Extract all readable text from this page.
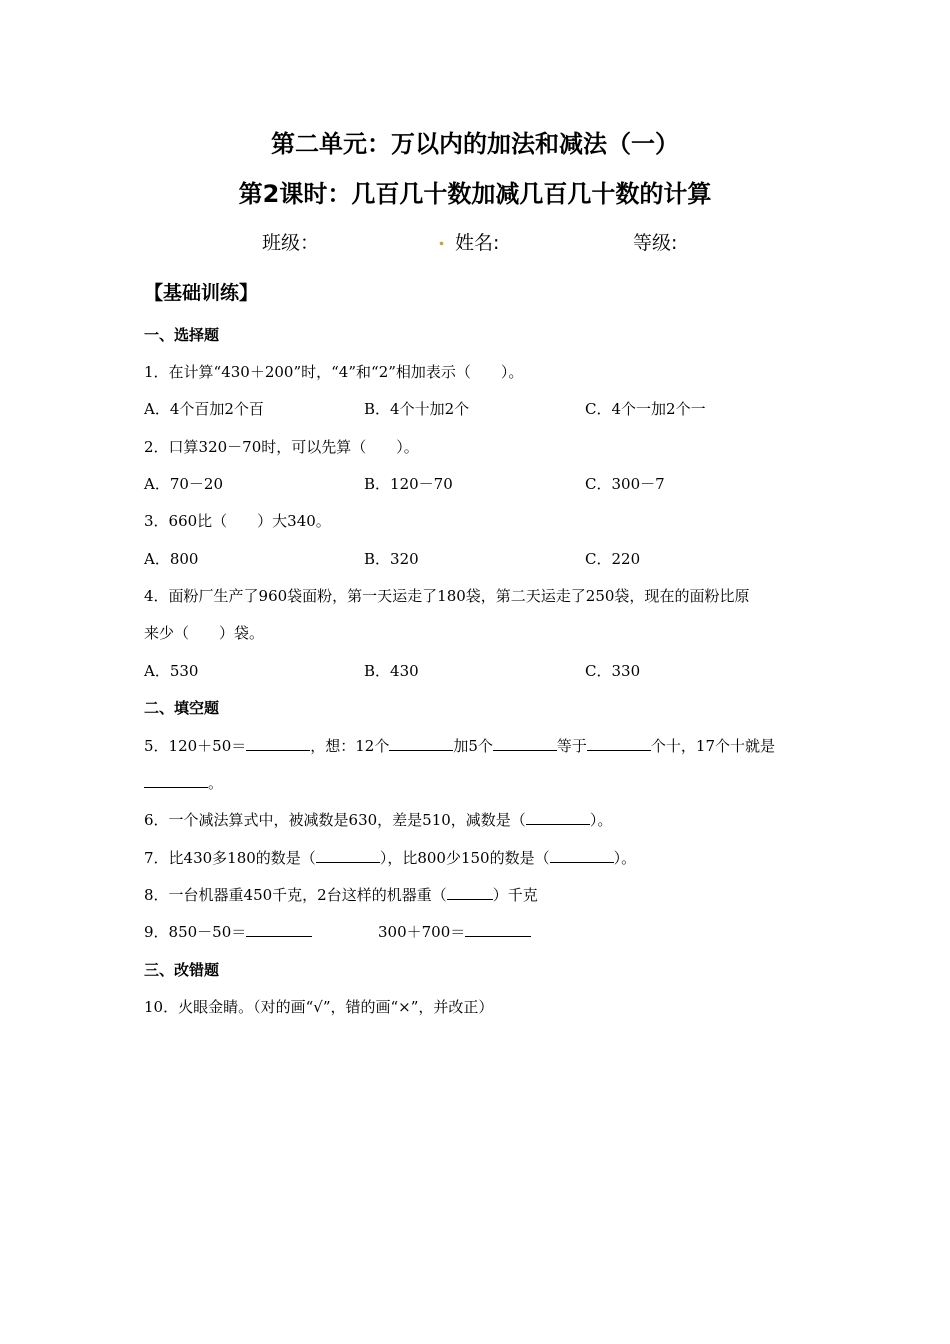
第二单元：万以内的加法和减法（一）
第2课时：几百几十数加减几百几十数的计算
班级：	. 姓名:	等级:
【基础训练】
一、选择题
1．在计算“430＋200”时，“4”和“2”相加表示（　　）。
A．4个百加2个百	B．4个十加2个	C．4个一加2个一
2．口算320－70时，可以先算（　　）。
A．70－20	B．120－70	C．300－7
3．660比（　　）大340。
A．800	B．320	C．220
4．面粉厂生产了960袋面粉，第一天运走了180袋，第二天运走了250袋，现在的面粉比原
来少（　　）袋。
A．530	B．430	C．330
二、填空题
5．120＋50＝	，想：12个	加5个	等于	个十，17个十就是
。
6．一个减法算式中，被减数是630，差是510，减数是（	）。
7．比430多180的数是（	），比800少150的数是（	）。
8．一台机器重450千克，2台这样的机器重（	）千克
9．850－50＝	300＋700＝
三、改错题
10．火眼金睛。（对的画“√”，错的画“×”，并改正）
